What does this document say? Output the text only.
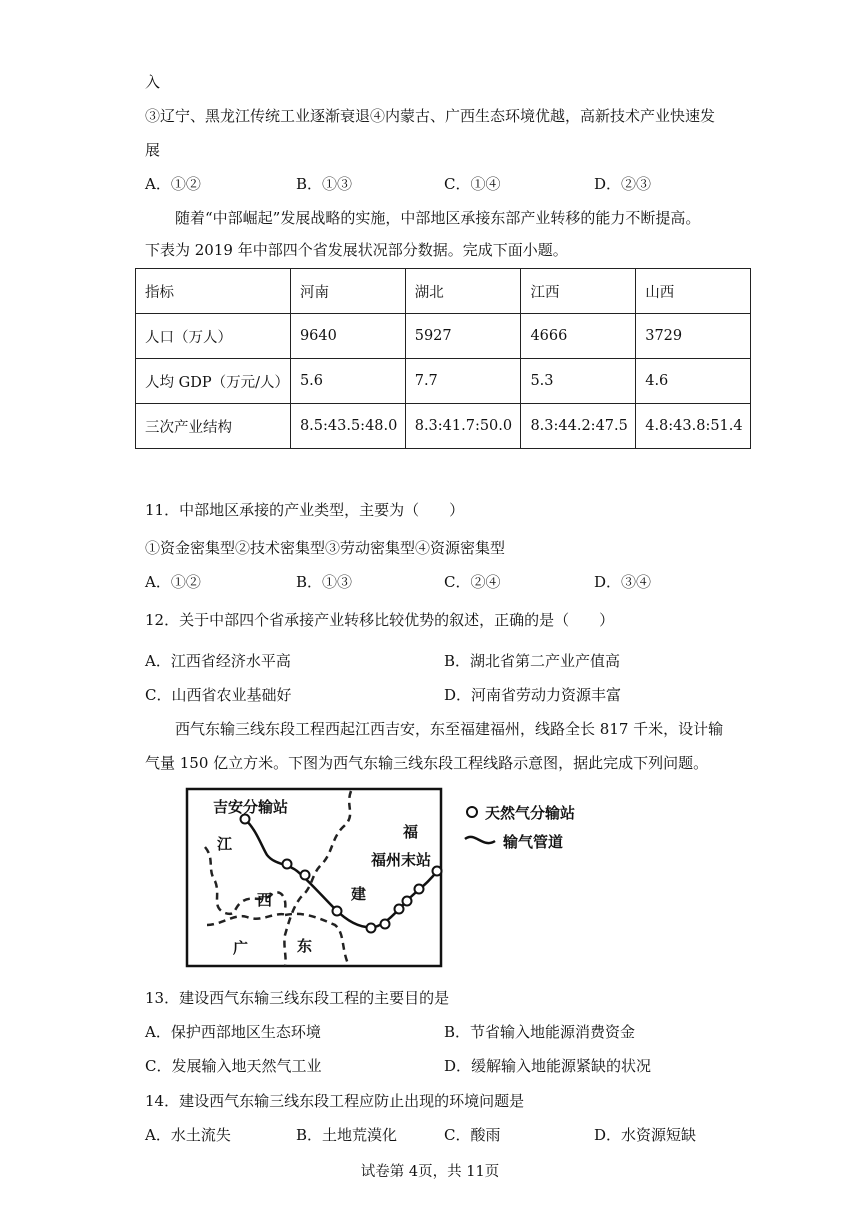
入
③辽宁、黑龙江传统工业逐渐衰退④内蒙古、广西生态环境优越，高新技术产业快速发
展
A．①②	B．①③	C．①④	D．②③
随着“中部崛起”发展战略的实施，中部地区承接东部产业转移的能力不断提高。
下表为 2019 年中部四个省发展状况部分数据。完成下面小题。
指标	河南	湖北	江西	山西
人口（万人）	9640	5927	4666	3729
人均 GDP（万元/人）	5.6	7.7	5.3	4.6
三次产业结构	8.5:43.5:48.0	8.3:41.7:50.0	8.3:44.2:47.5	4.8:43.8:51.4
11．中部地区承接的产业类型，主要为（　　）
①资金密集型②技术密集型③劳动密集型④资源密集型
A．①②	B．①③	C．②④	D．③④
12．关于中部四个省承接产业转移比较优势的叙述，正确的是（　　）
A．江西省经济水平高	B．湖北省第二产业产值高
C．山西省农业基础好	D．河南省劳动力资源丰富
西气东输三线东段工程西起江西吉安，东至福建福州，线路全长 817 千米，设计输
气量 150 亿立方米。下图为西气东输三线东段工程线路示意图，据此完成下列问题。
吉安分输站
江
西
福
建
广	东
福州末站
天然气分输站
输气管道
13．建设西气东输三线东段工程的主要目的是
A．保护西部地区生态环境	B．节省输入地能源消费资金
C．发展输入地天然气工业	D．缓解输入地能源紧缺的状况
14．建设西气东输三线东段工程应防止出现的环境问题是
A．水土流失	B．土地荒漠化	C．酸雨	D．水资源短缺
试卷第 4页，共 11页
